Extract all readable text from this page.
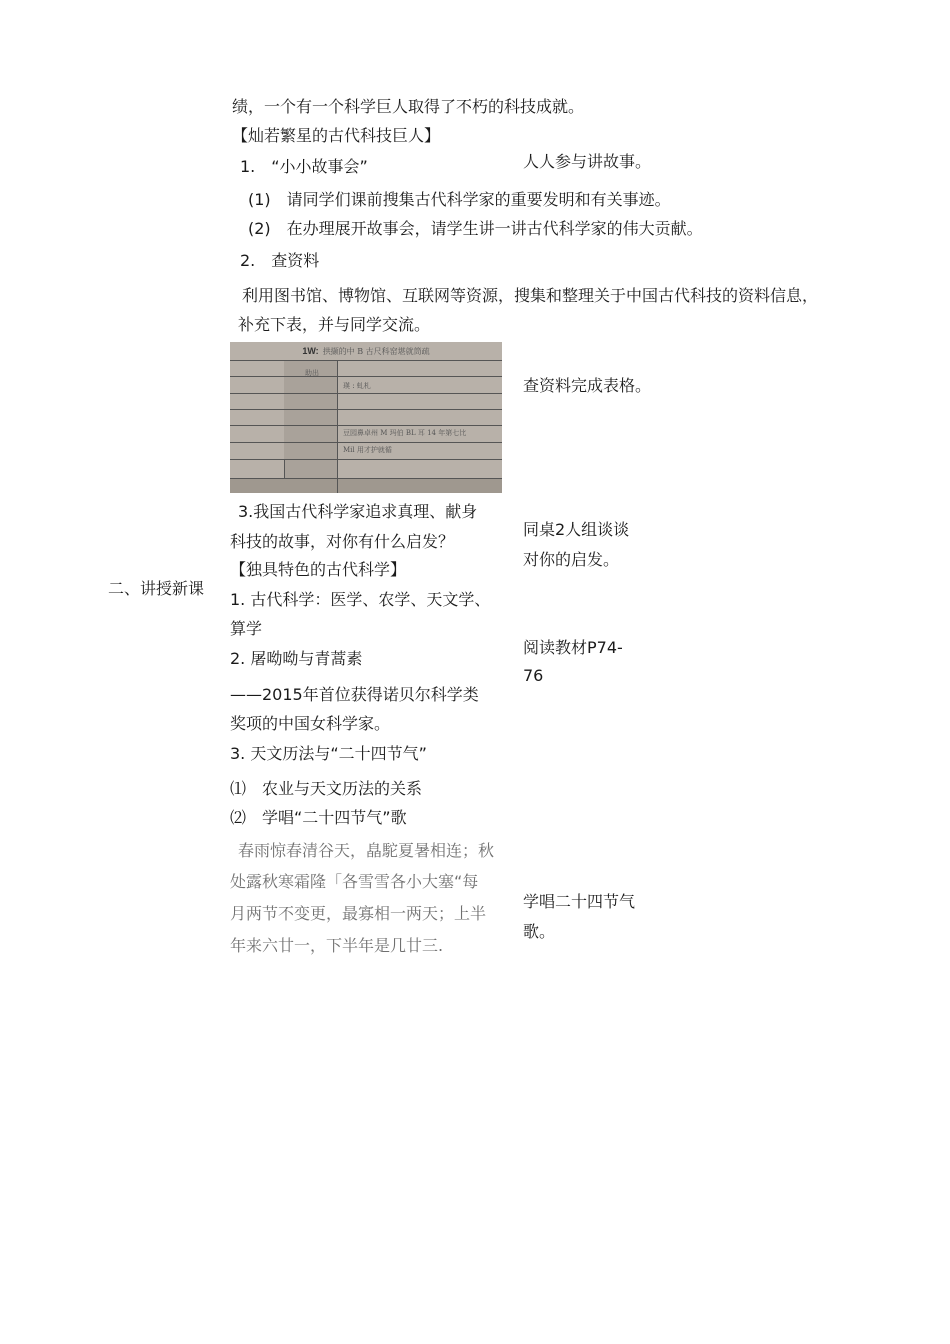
绩，一个有一个科学巨人取得了不朽的科技成就。
【灿若繁星的古代科技巨人】
1.　“小小故事会”
(1)　请同学们课前搜集古代科学家的重要发明和有关事迹。
(2)　在办理展开故事会，请学生讲一讲古代科学家的伟大贡献。
2.　查资料
利用图书馆、博物馆、互联网等资源，搜集和整理关于中国古代科技的资料信息，
补充下表，并与同学交流。
1W: 拱撷的中 B 古尺科窑堪就筒疏
助出
瑛 : 虬札
豆园鼻卓州 M 玛伯 BL 耳 14 年第七比
Mil 用才护就循
3.我国古代科学家追求真理、献身
科技的故事，对你有什么启发？
【独具特色的古代科学】
1. 古代科学：医学、农学、天文学、
算学
2. 屠呦呦与青蒿素
——2015年首位获得诺贝尔科学类
奖项的中国女科学家。
3. 天文历法与“二十四节气”
⑴　农业与天文历法的关系
⑵　学唱“二十四节气”歌
春雨惊春清谷天，皛駝夏暑相连；秋
处露秋寒霜隆「各雪雪各小大塞“每
月两节不变更，最寡相一两天；上半
年来六廿一，下半年是几廿三.
二、讲授新课
人人参与讲故事。
查资料完成表格。
同桌2人组谈谈
对你的启发。
阅读教材P74-
76
学唱二十四节气
歌。
